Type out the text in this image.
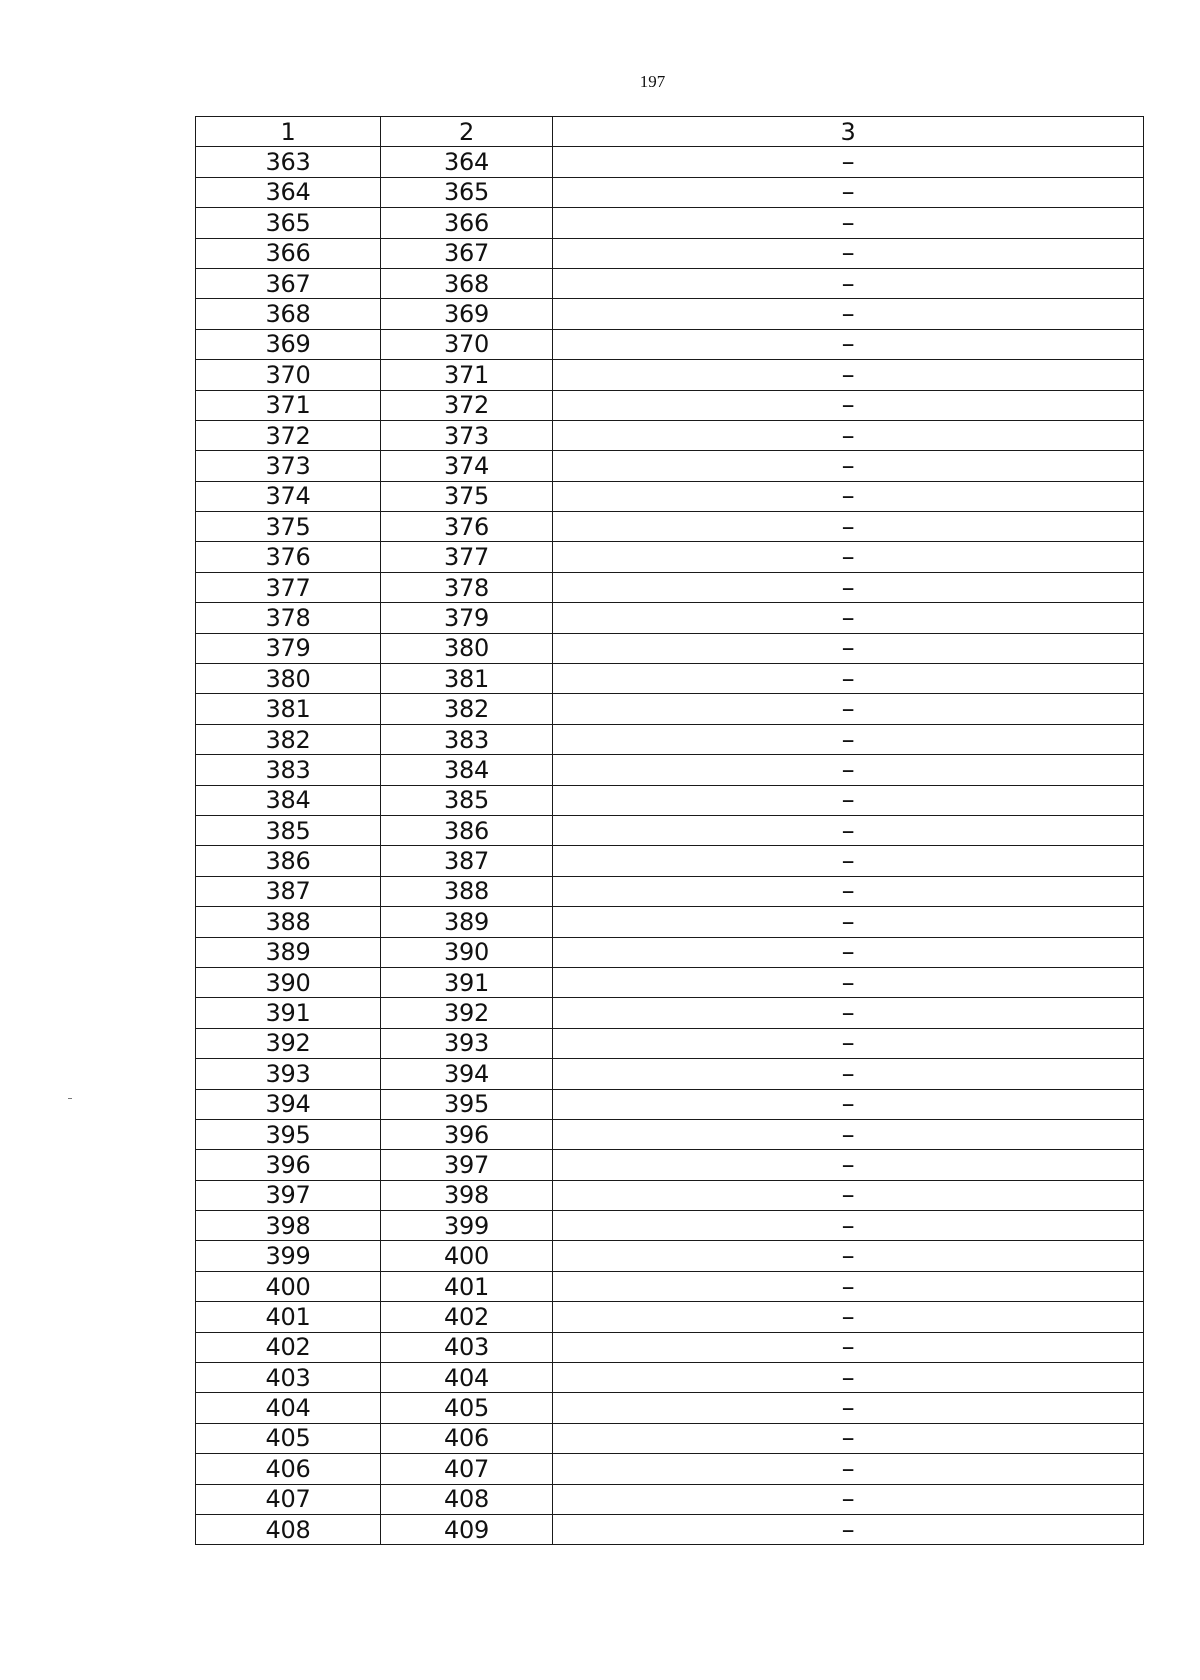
197
1	2	3
363	364	–
364	365	–
365	366	–
366	367	–
367	368	–
368	369	–
369	370	–
370	371	–
371	372	–
372	373	–
373	374	–
374	375	–
375	376	–
376	377	–
377	378	–
378	379	–
379	380	–
380	381	–
381	382	–
382	383	–
383	384	–
384	385	–
385	386	–
386	387	–
387	388	–
388	389	–
389	390	–
390	391	–
391	392	–
392	393	–
393	394	–
394	395	–
395	396	–
396	397	–
397	398	–
398	399	–
399	400	–
400	401	–
401	402	–
402	403	–
403	404	–
404	405	–
405	406	–
406	407	–
407	408	–
408	409	–
